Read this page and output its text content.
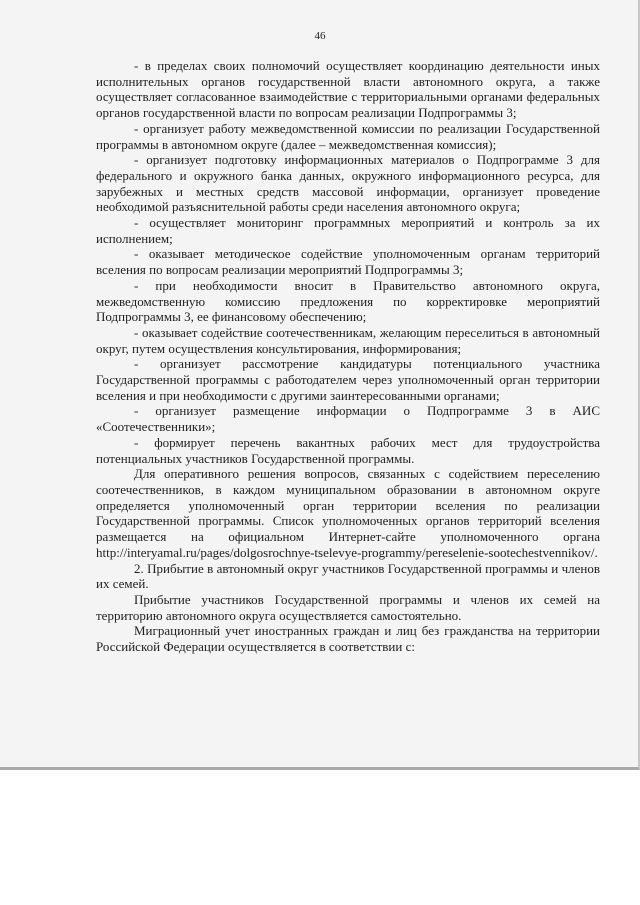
46

- в пределах своих полномочий осуществляет координацию деятельности иных исполнительных органов государственной власти автономного округа, а также осуществляет согласованное взаимодействие с территориальными органами федеральных органов государственной власти по вопросам реализации Подпрограммы 3;

- организует работу межведомственной комиссии по реализации Государственной программы в автономном округе (далее – межведомственная комиссия);

- организует подготовку информационных материалов о Подпрограмме 3 для федерального и окружного банка данных, окружного информационного ресурса, для зарубежных и местных средств массовой информации, организует проведение необходимой разъяснительной работы среди населения автономного округа;

- осуществляет мониторинг программных мероприятий и контроль за их исполнением;

- оказывает методическое содействие уполномоченным органам территорий вселения по вопросам реализации мероприятий Подпрограммы 3;

- при необходимости вносит в Правительство автономного округа, межведомственную комиссию предложения по корректировке мероприятий Подпрограммы 3, ее финансовому обеспечению;

- оказывает содействие соотечественникам, желающим переселиться в автономный округ, путем осуществления консультирования, информирования;

- организует рассмотрение кандидатуры потенциального участника Государственной программы с работодателем через уполномоченный орган территории вселения и при необходимости с другими заинтересованными органами;

- организует размещение информации о Подпрограмме 3 в АИС «Соотечественники»;

- формирует перечень вакантных рабочих мест для трудоустройства потенциальных участников Государственной программы.

Для оперативного решения вопросов, связанных с содействием переселению соотечественников, в каждом муниципальном образовании в автономном округе определяется уполномоченный орган территории вселения по реализации Государственной программы. Список уполномоченных органов территорий вселения размещается на официальном Интернет-сайте уполномоченного органа http://interyamal.ru/pages/dolgosrochnye-tselevye-programmy/pereselenie-sootechestvennikov/.

2. Прибытие в автономный округ участников Государственной программы и членов их семей.

Прибытие участников Государственной программы и членов их семей на территорию автономного округа осуществляется самостоятельно.

Миграционный учет иностранных граждан и лиц без гражданства на территории Российской Федерации осуществляется в соответствии с:
